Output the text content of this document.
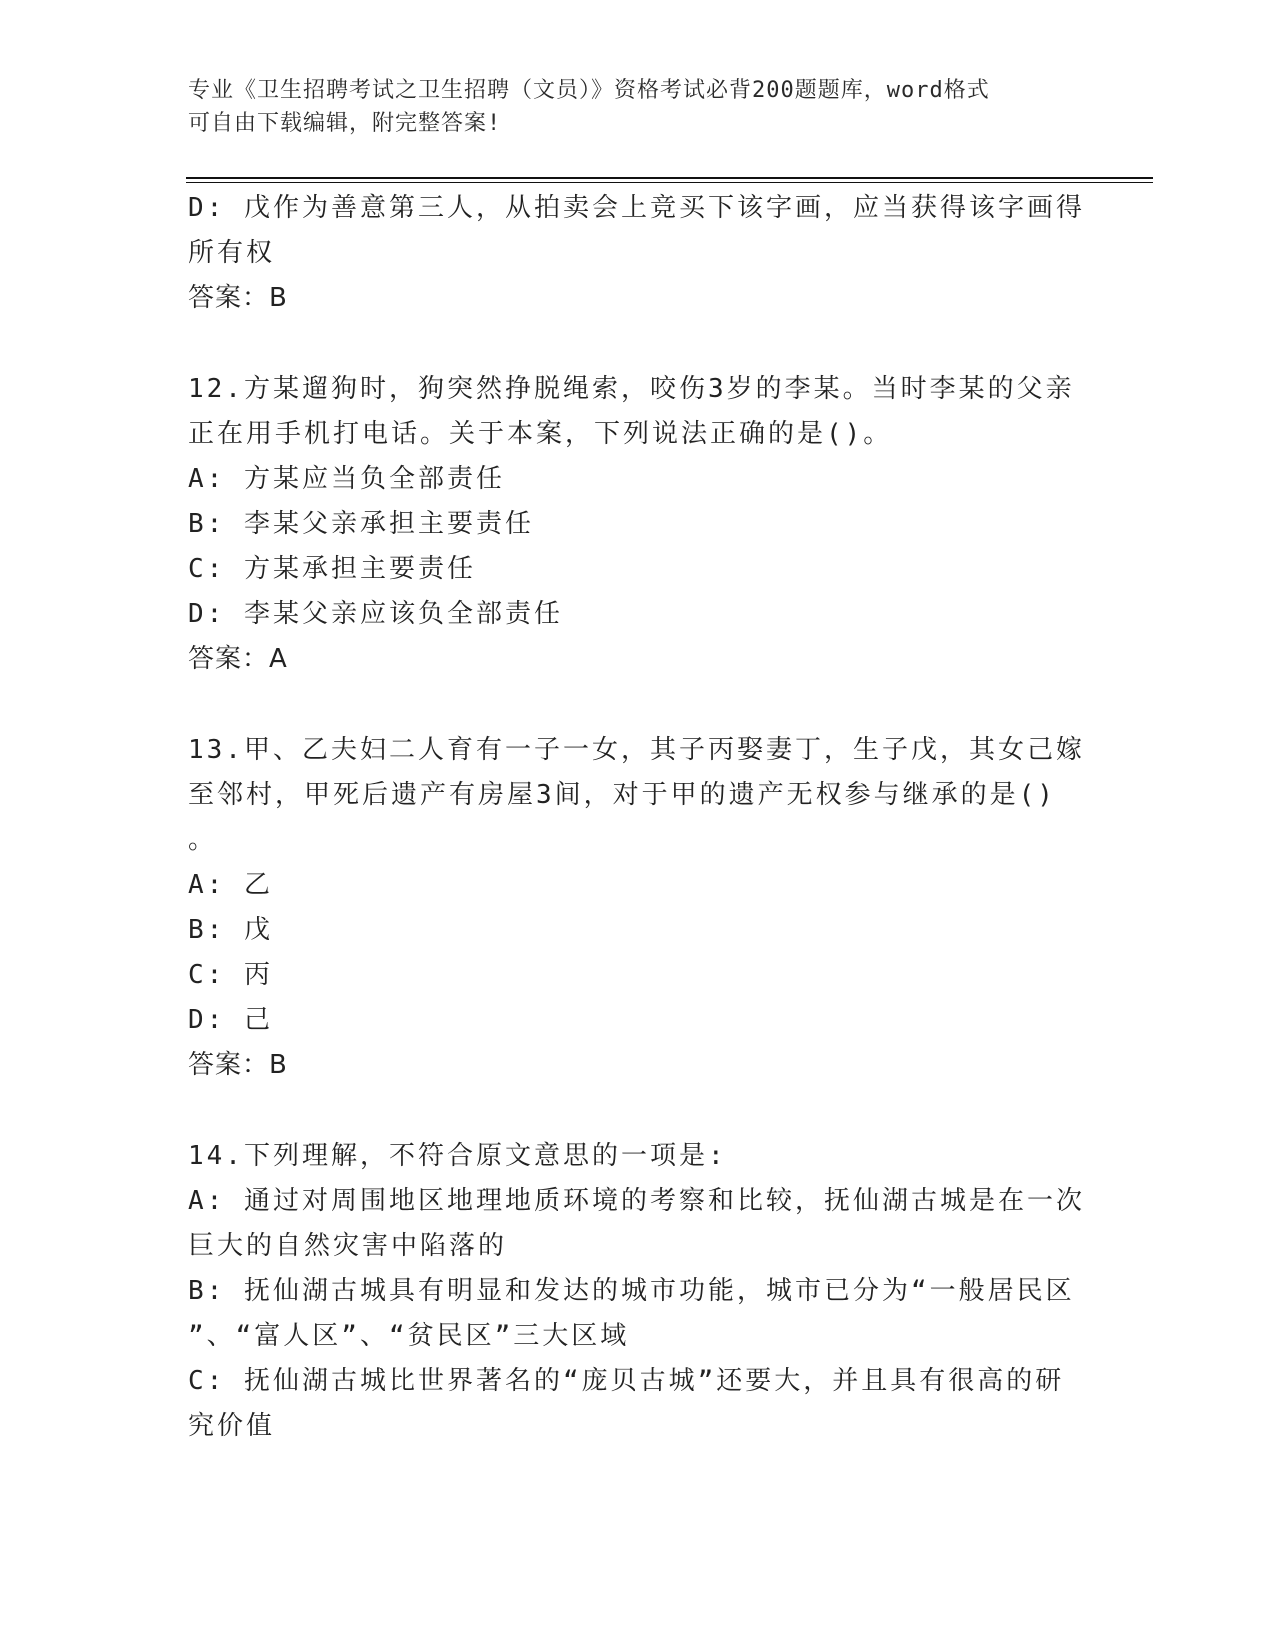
专业《卫生招聘考试之卫生招聘（文员）》资格考试必背200题题库，word格式
可自由下载编辑，附完整答案!
D: 戊作为善意第三人，从拍卖会上竞买下该字画，应当获得该字画得
所有权
答案：B
12.方某遛狗时，狗突然挣脱绳索，咬伤3岁的李某。当时李某的父亲
正在用手机打电话。关于本案，下列说法正确的是()。
A: 方某应当负全部责任
B: 李某父亲承担主要责任
C: 方某承担主要责任
D: 李某父亲应该负全部责任
答案：A
13.甲、乙夫妇二人育有一子一女，其子丙娶妻丁，生子戊，其女己嫁
至邻村，甲死后遗产有房屋3间，对于甲的遗产无权参与继承的是()
。
A: 乙
B: 戊
C: 丙
D: 己
答案：B
14.下列理解，不符合原文意思的一项是:
A: 通过对周围地区地理地质环境的考察和比较，抚仙湖古城是在一次
巨大的自然灾害中陷落的
B: 抚仙湖古城具有明显和发达的城市功能，城市已分为“一般居民区
”、“富人区”、“贫民区”三大区域
C: 抚仙湖古城比世界著名的“庞贝古城”还要大，并且具有很高的研
究价值
